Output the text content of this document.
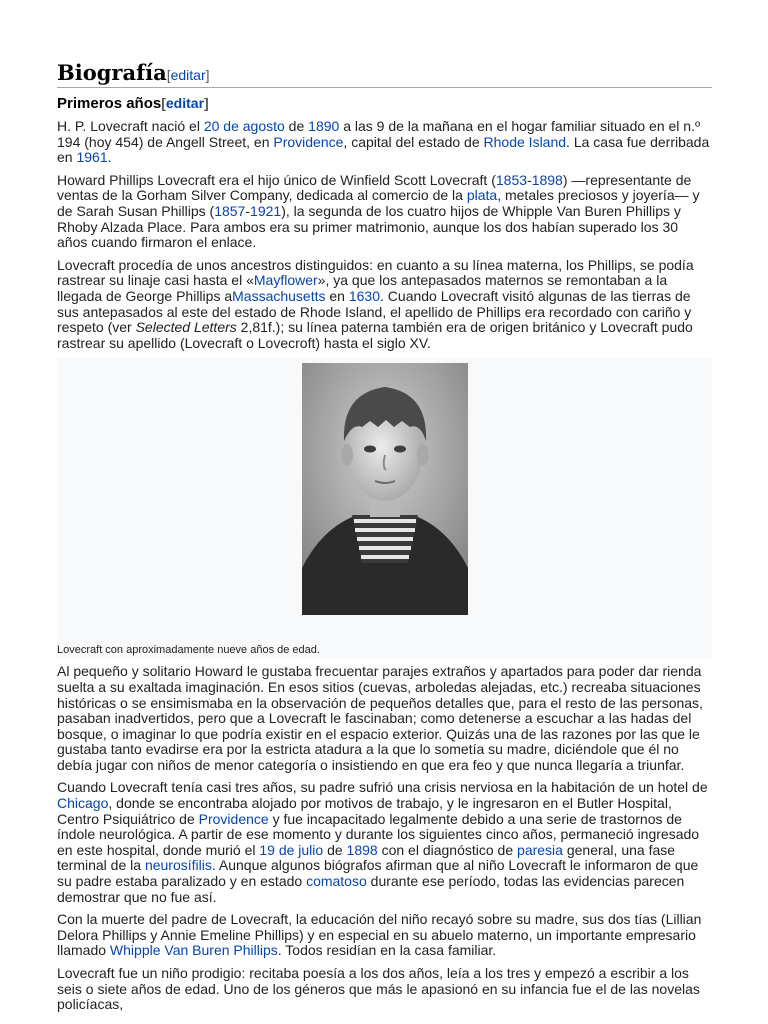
Biografía[editar]
Primeros años[editar]

H. P. Lovecraft nació el 20 de agosto de 1890 a las 9 de la mañana en el hogar familiar situado en el n.º 194 (hoy 454) de Angell Street, en Providence, capital del estado de Rhode Island. La casa fue derribada en 1961.

Howard Phillips Lovecraft era el hijo único de Winfield Scott Lovecraft (1853-1898) —representante de ventas de la Gorham Silver Company, dedicada al comercio de la plata, metales preciosos y joyería— y de Sarah Susan Phillips (1857-1921), la segunda de los cuatro hijos de Whipple Van Buren Phillips y Rhoby Alzada Place. Para ambos era su primer matrimonio, aunque los dos habían superado los 30 años cuando firmaron el enlace.

Lovecraft procedía de unos ancestros distinguidos: en cuanto a su línea materna, los Phillips, se podía rastrear su linaje casi hasta el «Mayflower», ya que los antepasados maternos se remontaban a la llegada de George Phillips aMassachusetts en 1630. Cuando Lovecraft visitó algunas de las tierras de sus antepasados al este del estado de Rhode Island, el apellido de Phillips era recordado con cariño y respeto (ver Selected Letters 2,81f.); su línea paterna también era de origen británico y Lovecraft pudo rastrear su apellido (Lovecraft o Lovecroft) hasta el siglo XV.

Lovecraft con aproximadamente nueve años de edad.

Al pequeño y solitario Howard le gustaba frecuentar parajes extraños y apartados para poder dar rienda suelta a su exaltada imaginación. En esos sitios (cuevas, arboledas alejadas, etc.) recreaba situaciones históricas o se ensimismaba en la observación de pequeños detalles que, para el resto de las personas, pasaban inadvertidos, pero que a Lovecraft le fascinaban; como detenerse a escuchar a las hadas del bosque, o imaginar lo que podría existir en el espacio exterior. Quizás una de las razones por las que le gustaba tanto evadirse era por la estricta atadura a la que lo sometía su madre, diciéndole que él no debía jugar con niños de menor categoría o insistiendo en que era feo y que nunca llegaría a triunfar.

Cuando Lovecraft tenía casi tres años, su padre sufrió una crisis nerviosa en la habitación de un hotel de Chicago, donde se encontraba alojado por motivos de trabajo, y le ingresaron en el Butler Hospital, Centro Psiquiátrico de Providence y fue incapacitado legalmente debido a una serie de trastornos de índole neurológica. A partir de ese momento y durante los siguientes cinco años, permaneció ingresado en este hospital, donde murió el 19 de julio de 1898 con el diagnóstico de paresia general, una fase terminal de la neurosífilis. Aunque algunos biógrafos afirman que al niño Lovecraft le informaron de que su padre estaba paralizado y en estado comatoso durante ese período, todas las evidencias parecen demostrar que no fue así.

Con la muerte del padre de Lovecraft, la educación del niño recayó sobre su madre, sus dos tías (Lillian Delora Phillips y Annie Emeline Phillips) y en especial en su abuelo materno, un importante empresario llamado Whipple Van Buren Phillips. Todos residían en la casa familiar.

Lovecraft fue un niño prodigio: recitaba poesía a los dos años, leía a los tres y empezó a escribir a los seis o siete años de edad. Uno de los géneros que más le apasionó en su infancia fue el de las novelas policíacas,
